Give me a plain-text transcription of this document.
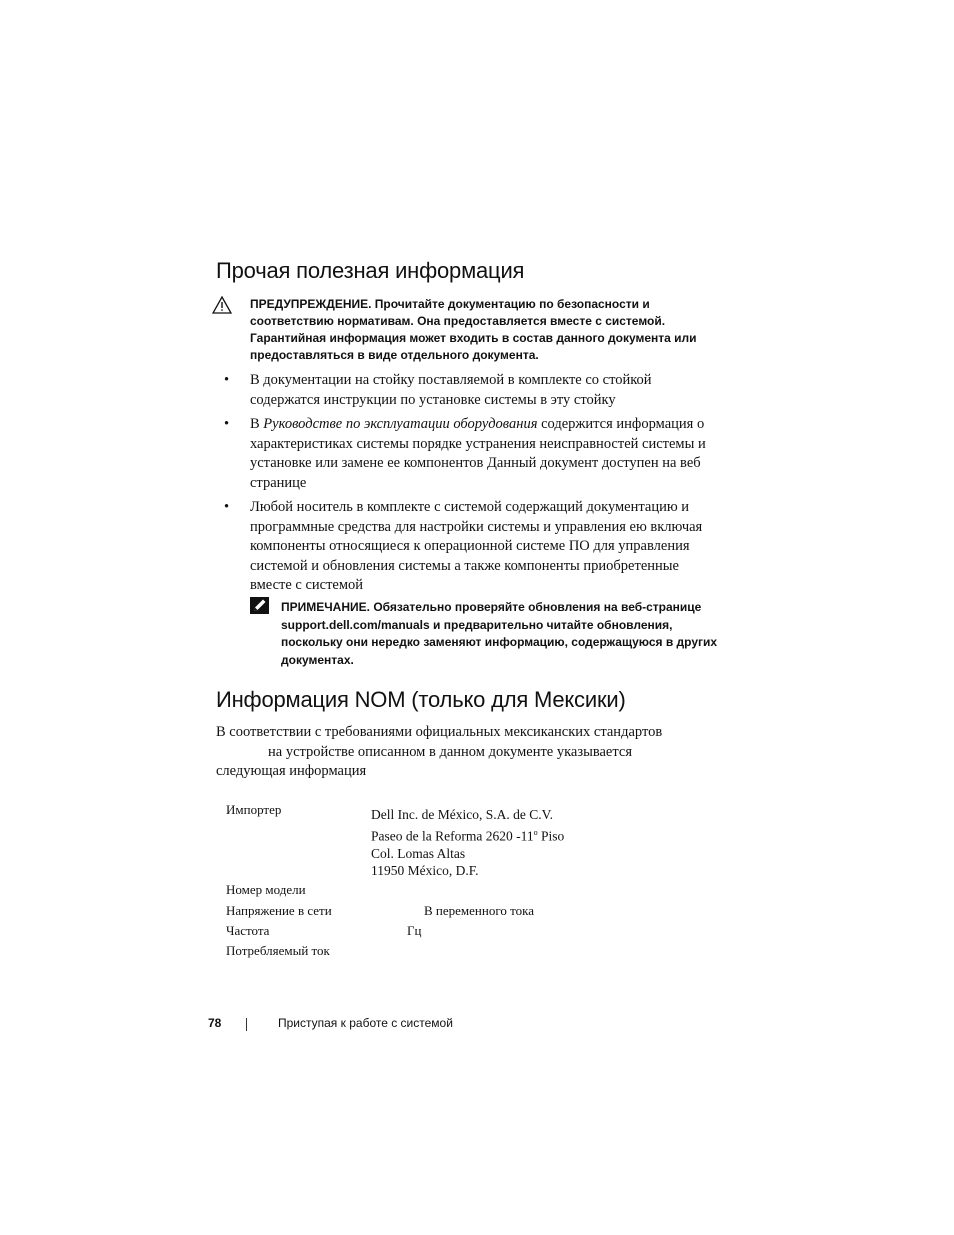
Прочая полезная информация
ПРЕДУПРЕЖДЕНИЕ. Прочитайте документацию по безопасности и соответствию нормативам. Она предоставляется вместе с системой. Гарантийная информация может входить в состав данного документа или предоставляться в виде отдельного документа.
• В документации на стойку поставляемой в комплекте со стойкой содержатся инструкции по установке системы в эту стойку
• В Руководстве по эксплуатации оборудования содержится информация о характеристиках системы порядке устранения неисправностей системы и установке или замене ее компонентов Данный документ доступен на веб странице
• Любой носитель в комплекте с системой содержащий документацию и программные средства для настройки системы и управления ею включая компоненты относящиеся к операционной системе ПО для управления системой и обновления системы а также компоненты приобретенные вместе с системой
ПРИМЕЧАНИЕ. Обязательно проверяйте обновления на веб-странице support.dell.com/manuals и предварительно читайте обновления, поскольку они нередко заменяют информацию, содержащуюся в других документах.
Информация NOM (только для Мексики)

В соответствии с требованиями официальных мексиканских стандартов
на устройстве описанном в данном документе указывается
следующая информация

Импортер	Dell Inc. de México, S.A. de C.V.
Paseo de la Reforma 2620 -11$^o$ Piso
Col. Lomas Altas
11950 México, D.F.
Номер модели
Напряжение в сети	В переменного тока
Частота	Гц
Потребляемый ток
78	Приступая к работе с системой
